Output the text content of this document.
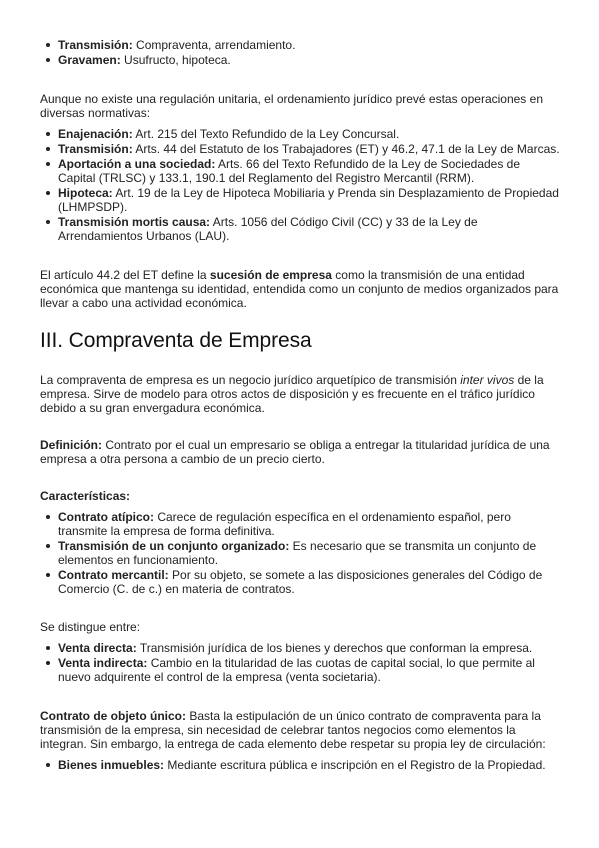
Transmisión: Compraventa, arrendamiento.
Gravamen: Usufructo, hipoteca.

Aunque no existe una regulación unitaria, el ordenamiento jurídico prevé estas operaciones en diversas normativas:

Enajenación: Art. 215 del Texto Refundido de la Ley Concursal.
Transmisión: Arts. 44 del Estatuto de los Trabajadores (ET) y 46.2, 47.1 de la Ley de Marcas.
Aportación a una sociedad: Arts. 66 del Texto Refundido de la Ley de Sociedades de Capital (TRLSC) y 133.1, 190.1 del Reglamento del Registro Mercantil (RRM).
Hipoteca: Art. 19 de la Ley de Hipoteca Mobiliaria y Prenda sin Desplazamiento de Propiedad (LHMPSDP).
Transmisión mortis causa: Arts. 1056 del Código Civil (CC) y 33 de la Ley de Arrendamientos Urbanos (LAU).

El artículo 44.2 del ET define la sucesión de empresa como la transmisión de una entidad económica que mantenga su identidad, entendida como un conjunto de medios organizados para llevar a cabo una actividad económica.

III. Compraventa de Empresa

La compraventa de empresa es un negocio jurídico arquetípico de transmisión inter vivos de la empresa. Sirve de modelo para otros actos de disposición y es frecuente en el tráfico jurídico debido a su gran envergadura económica.

Definición: Contrato por el cual un empresario se obliga a entregar la titularidad jurídica de una empresa a otra persona a cambio de un precio cierto.

Características:

Contrato atípico: Carece de regulación específica en el ordenamiento español, pero transmite la empresa de forma definitiva.
Transmisión de un conjunto organizado: Es necesario que se transmita un conjunto de elementos en funcionamiento.
Contrato mercantil: Por su objeto, se somete a las disposiciones generales del Código de Comercio (C. de c.) en materia de contratos.

Se distingue entre:

Venta directa: Transmisión jurídica de los bienes y derechos que conforman la empresa.
Venta indirecta: Cambio en la titularidad de las cuotas de capital social, lo que permite al nuevo adquirente el control de la empresa (venta societaria).

Contrato de objeto único: Basta la estipulación de un único contrato de compraventa para la transmisión de la empresa, sin necesidad de celebrar tantos negocios como elementos la integran. Sin embargo, la entrega de cada elemento debe respetar su propia ley de circulación:

Bienes inmuebles: Mediante escritura pública e inscripción en el Registro de la Propiedad.
